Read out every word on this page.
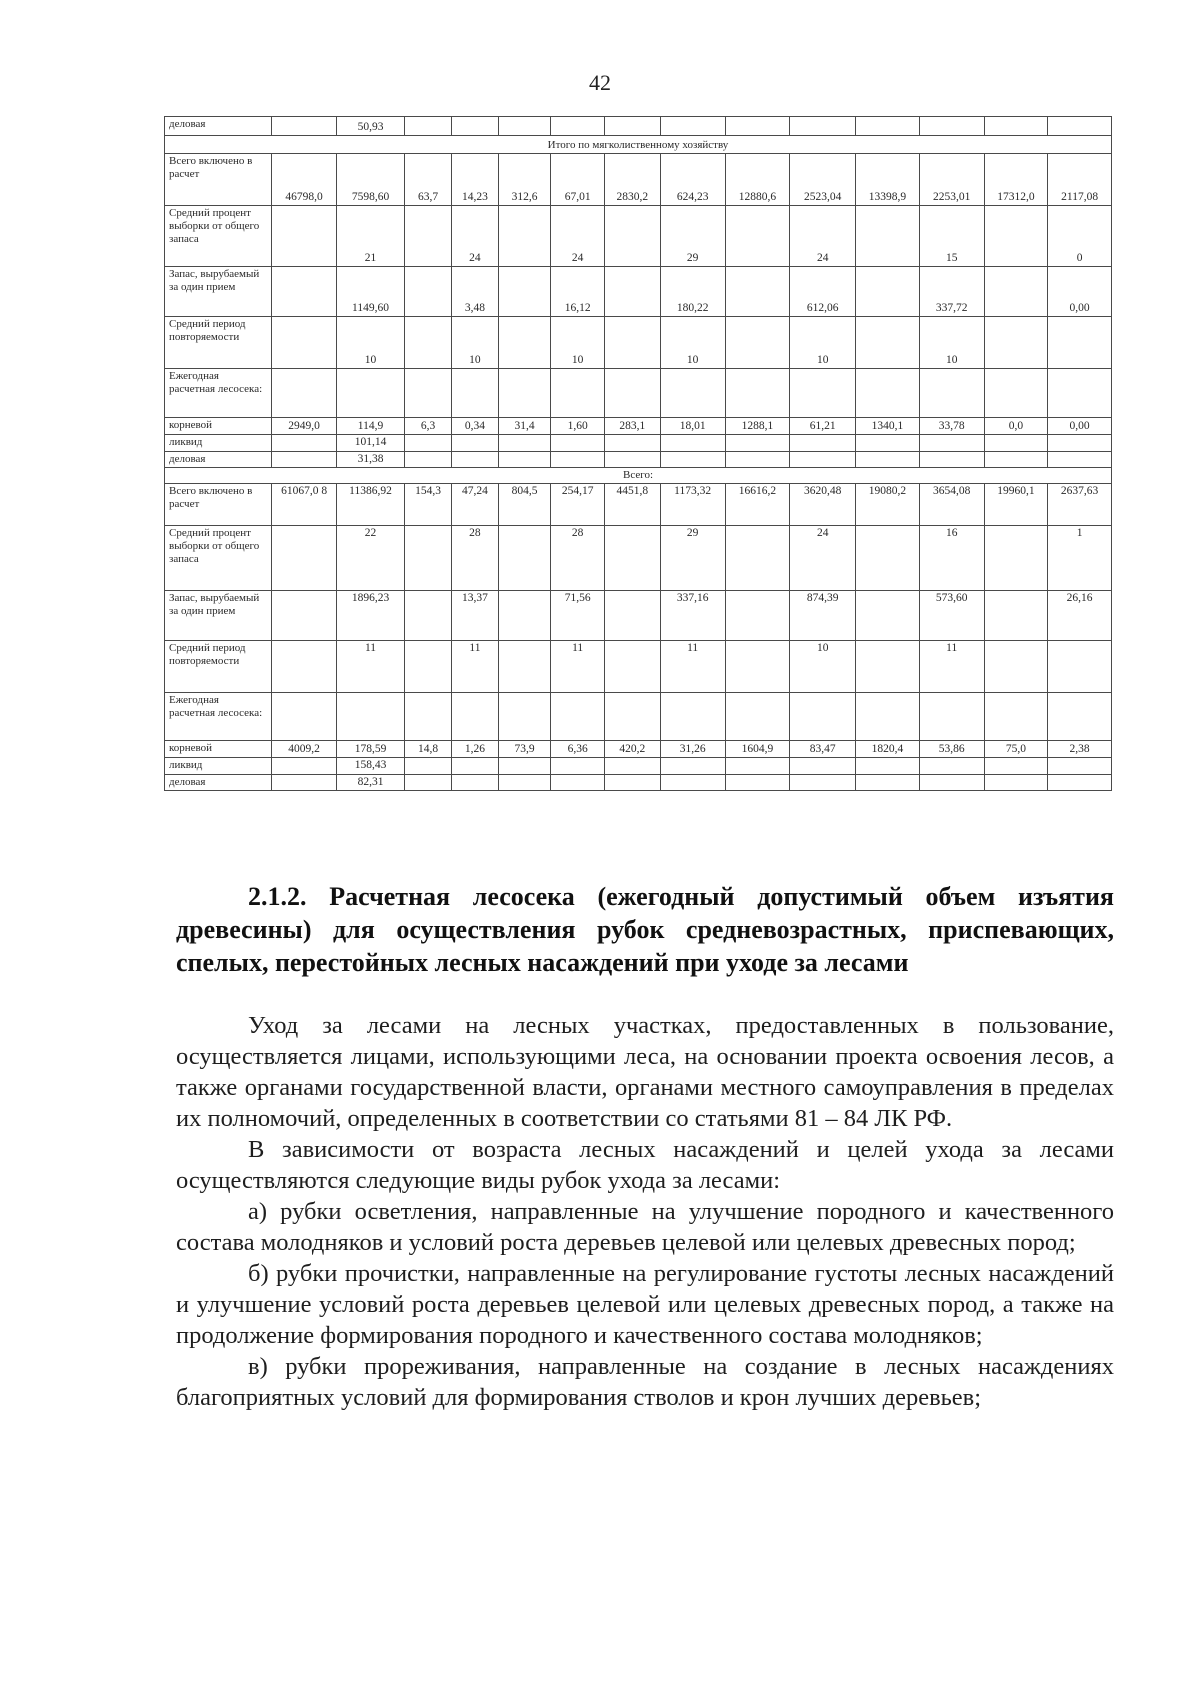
42
деловая		50,93												
Итого по мягколиственному хозяйству														
Всего включено в расчет	46798,0	7598,60	63,7	14,23	312,6	67,01	2830,2	624,23	12880,6	2523,04	13398,9	2253,01	17312,0	2117,08
Средний процент выборки от общего запаса		21		24		24		29		24		15		0
Запас, вырубаемый за один прием		1149,60		3,48		16,12		180,22		612,06		337,72		0,00
Средний период повторяемости		10		10		10		10		10		10		
Ежегодная расчетная лесосека:														
корневой	2949,0	114,9	6,3	0,34	31,4	1,60	283,1	18,01	1288,1	61,21	1340,1	33,78	0,0	0,00
ликвид		101,14												
деловая		31,38												
Всего:														
Всего включено в расчет	61067,0 8	11386,92	154,3	47,24	804,5	254,17	4451,8	1173,32	16616,2	3620,48	19080,2	3654,08	19960,1	2637,63
Средний процент выборки от общего запаса		22		28		28		29		24		16		1
Запас, вырубаемый за один прием		1896,23		13,37		71,56		337,16		874,39		573,60		26,16
Средний период повторяемости		11		11		11		11		10		11		
Ежегодная расчетная лесосека:														
корневой	4009,2	178,59	14,8	1,26	73,9	6,36	420,2	31,26	1604,9	83,47	1820,4	53,86	75,0	2,38
ликвид		158,43												
деловая		82,31												
2.1.2. Расчетная лесосека (ежегодный допустимый объем изъятия древесины) для осуществления рубок средневозрастных, приспевающих, спелых, перестойных лесных насаждений при уходе за лесами

Уход за лесами на лесных участках, предоставленных в пользование, осуществляется лицами, использующими леса, на основании проекта освоения лесов, а также органами государственной власти, органами местного самоуправления в пределах их полномочий, определенных в соответствии со статьями 81 – 84 ЛК РФ.

В зависимости от возраста лесных насаждений и целей ухода за лесами осуществляются следующие виды рубок ухода за лесами:

а) рубки осветления, направленные на улучшение породного и качественного состава молодняков и условий роста деревьев целевой или целевых древесных пород;

б) рубки прочистки, направленные на регулирование густоты лесных насаждений и улучшение условий роста деревьев целевой или целевых древесных пород, а также на продолжение формирования породного и качественного состава молодняков;

в) рубки прореживания, направленные на создание в лесных насаждениях благоприятных условий для формирования стволов и крон лучших деревьев;
